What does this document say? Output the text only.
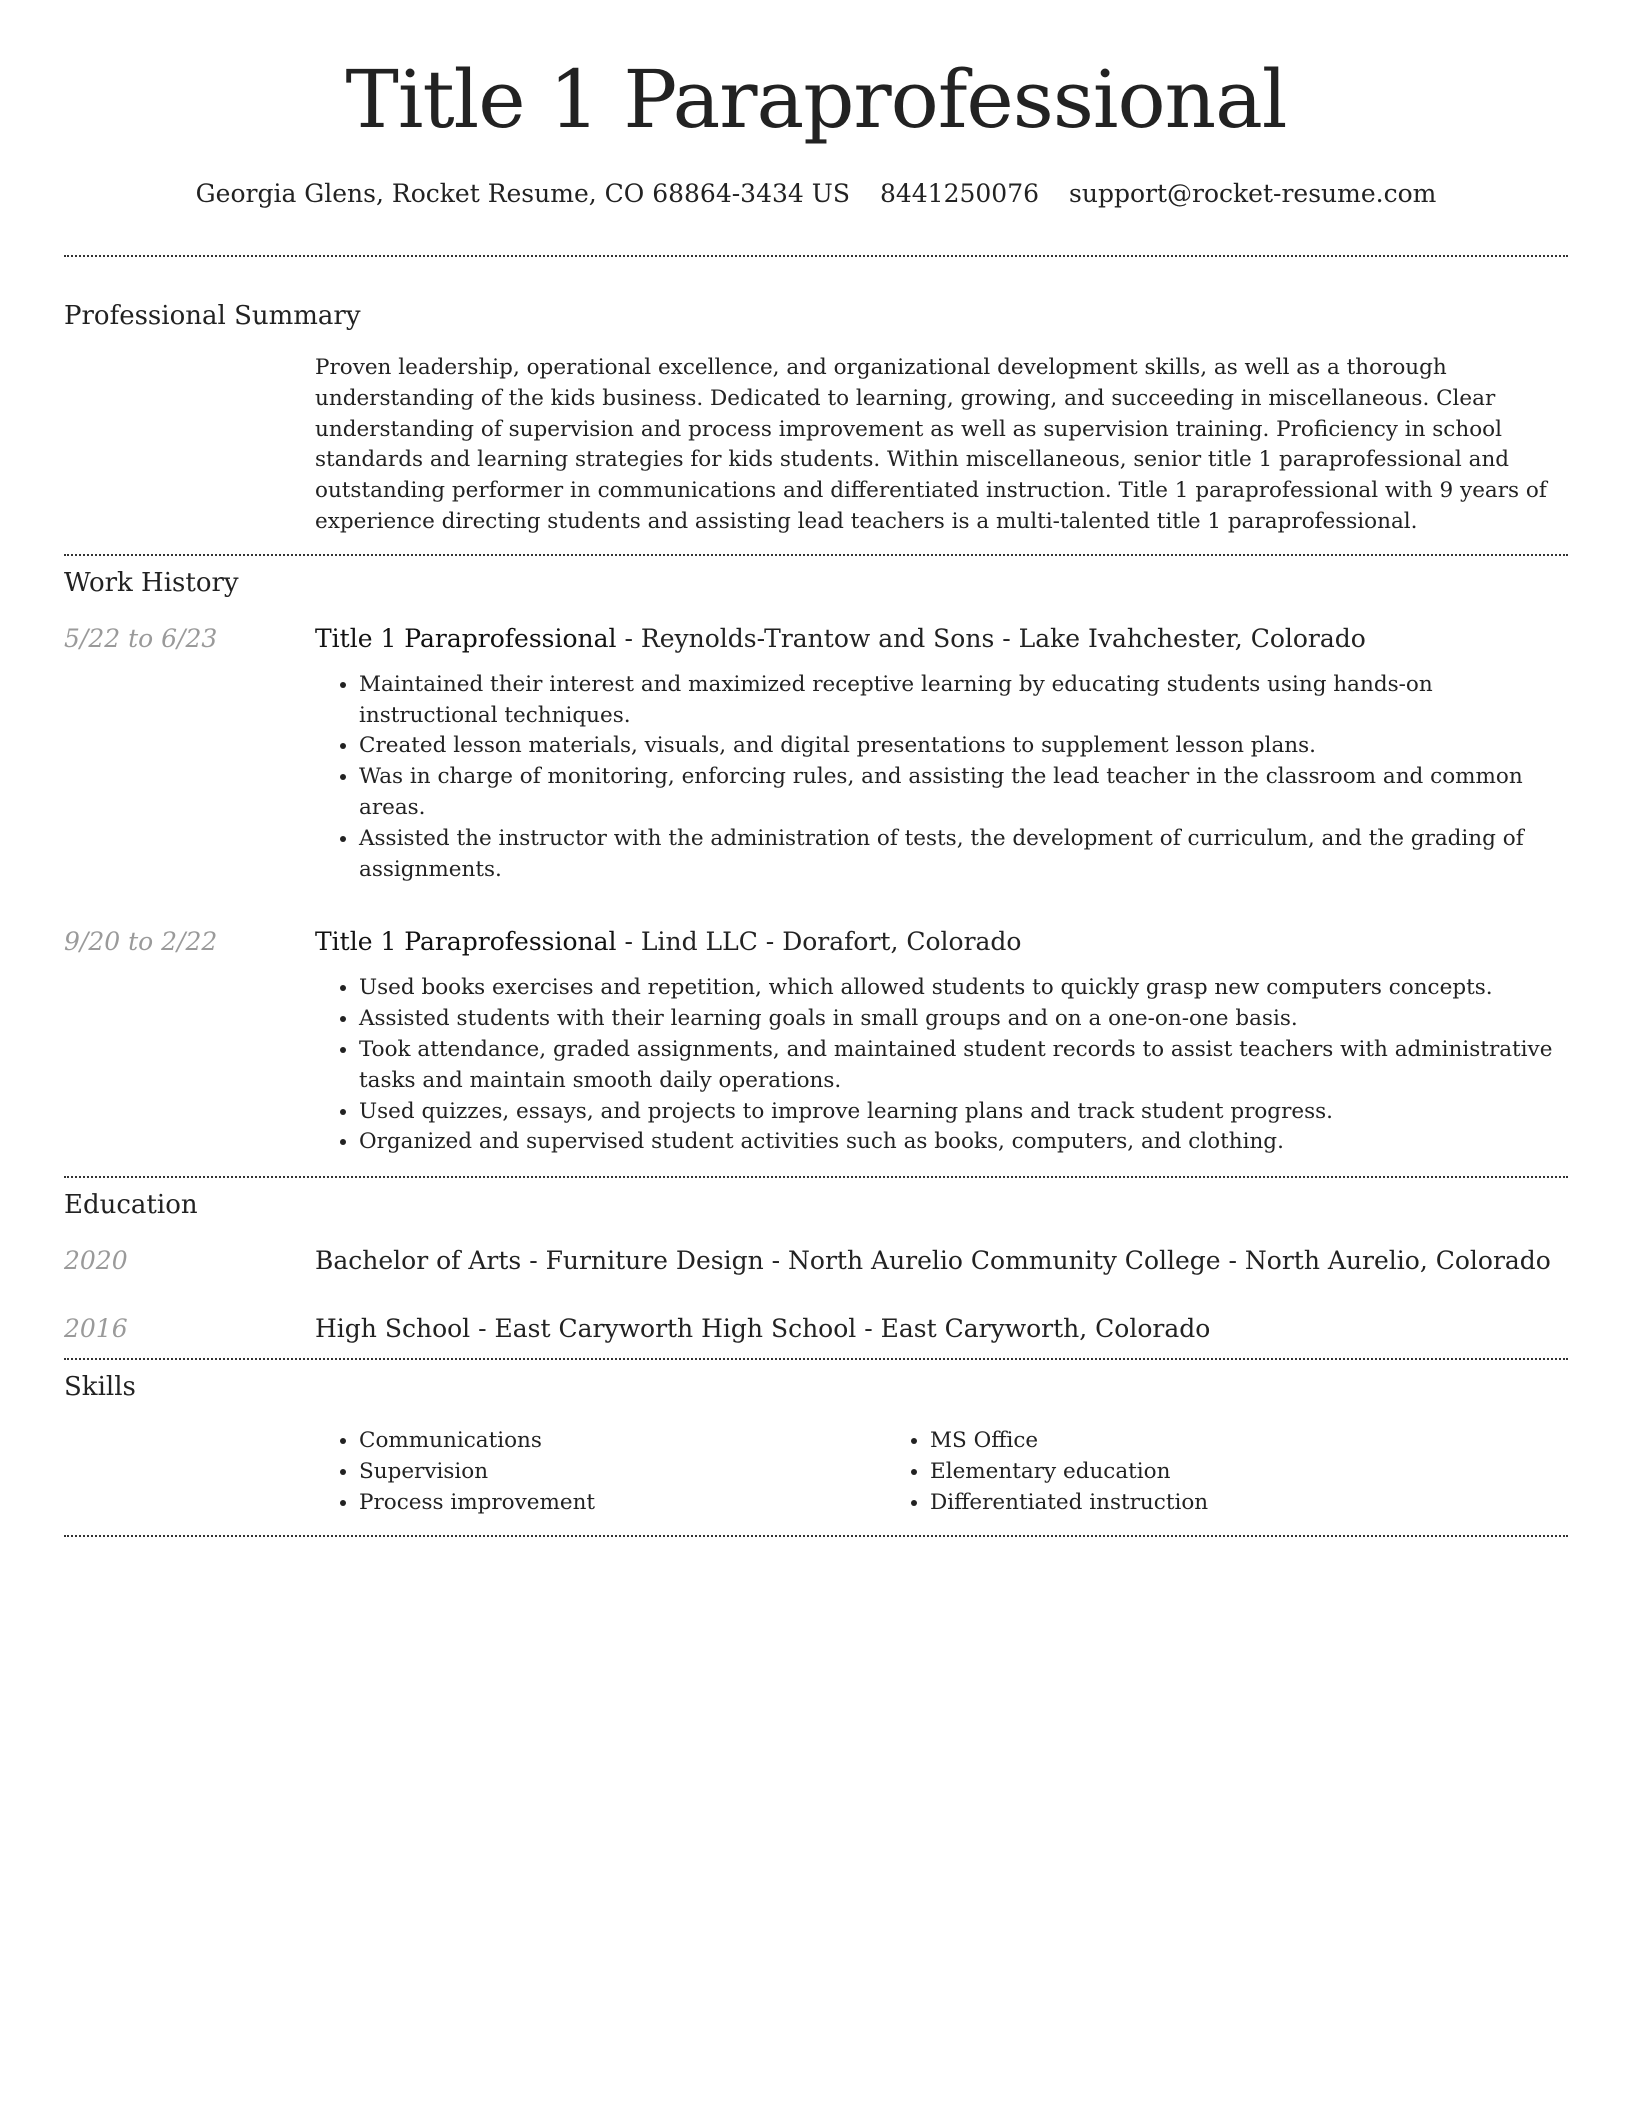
Title 1 Paraprofessional
Georgia Glens, Rocket Resume, CO 68864-3434 US 8441250076 support@rocket-resume.com
Professional Summary
Proven leadership, operational excellence, and organizational development skills, as well as a thorough understanding of the kids business. Dedicated to learning, growing, and succeeding in miscellaneous. Clear understanding of supervision and process improvement as well as supervision training. Proficiency in school standards and learning strategies for kids students. Within miscellaneous, senior title 1 paraprofessional and outstanding performer in communications and differentiated instruction. Title 1 paraprofessional with 9 years of experience directing students and assisting lead teachers is a multi-talented title 1 paraprofessional.
Work History
5/22 to 6/23	Title 1 Paraprofessional - Reynolds-Trantow and Sons - Lake Ivahchester, Colorado
• Maintained their interest and maximized receptive learning by educating students using hands-on instructional techniques.
• Created lesson materials, visuals, and digital presentations to supplement lesson plans.
• Was in charge of monitoring, enforcing rules, and assisting the lead teacher in the classroom and common areas.
• Assisted the instructor with the administration of tests, the development of curriculum, and the grading of assignments.
9/20 to 2/22	Title 1 Paraprofessional - Lind LLC - Dorafort, Colorado
• Used books exercises and repetition, which allowed students to quickly grasp new computers concepts.
• Assisted students with their learning goals in small groups and on a one-on-one basis.
• Took attendance, graded assignments, and maintained student records to assist teachers with administrative tasks and maintain smooth daily operations.
• Used quizzes, essays, and projects to improve learning plans and track student progress.
• Organized and supervised student activities such as books, computers, and clothing.
Education
2020	Bachelor of Arts - Furniture Design - North Aurelio Community College - North Aurelio, Colorado
2016	High School - East Caryworth High School - East Caryworth, Colorado
Skills
• Communications
• Supervision
• Process improvement
• MS Office
• Elementary education
• Differentiated instruction
